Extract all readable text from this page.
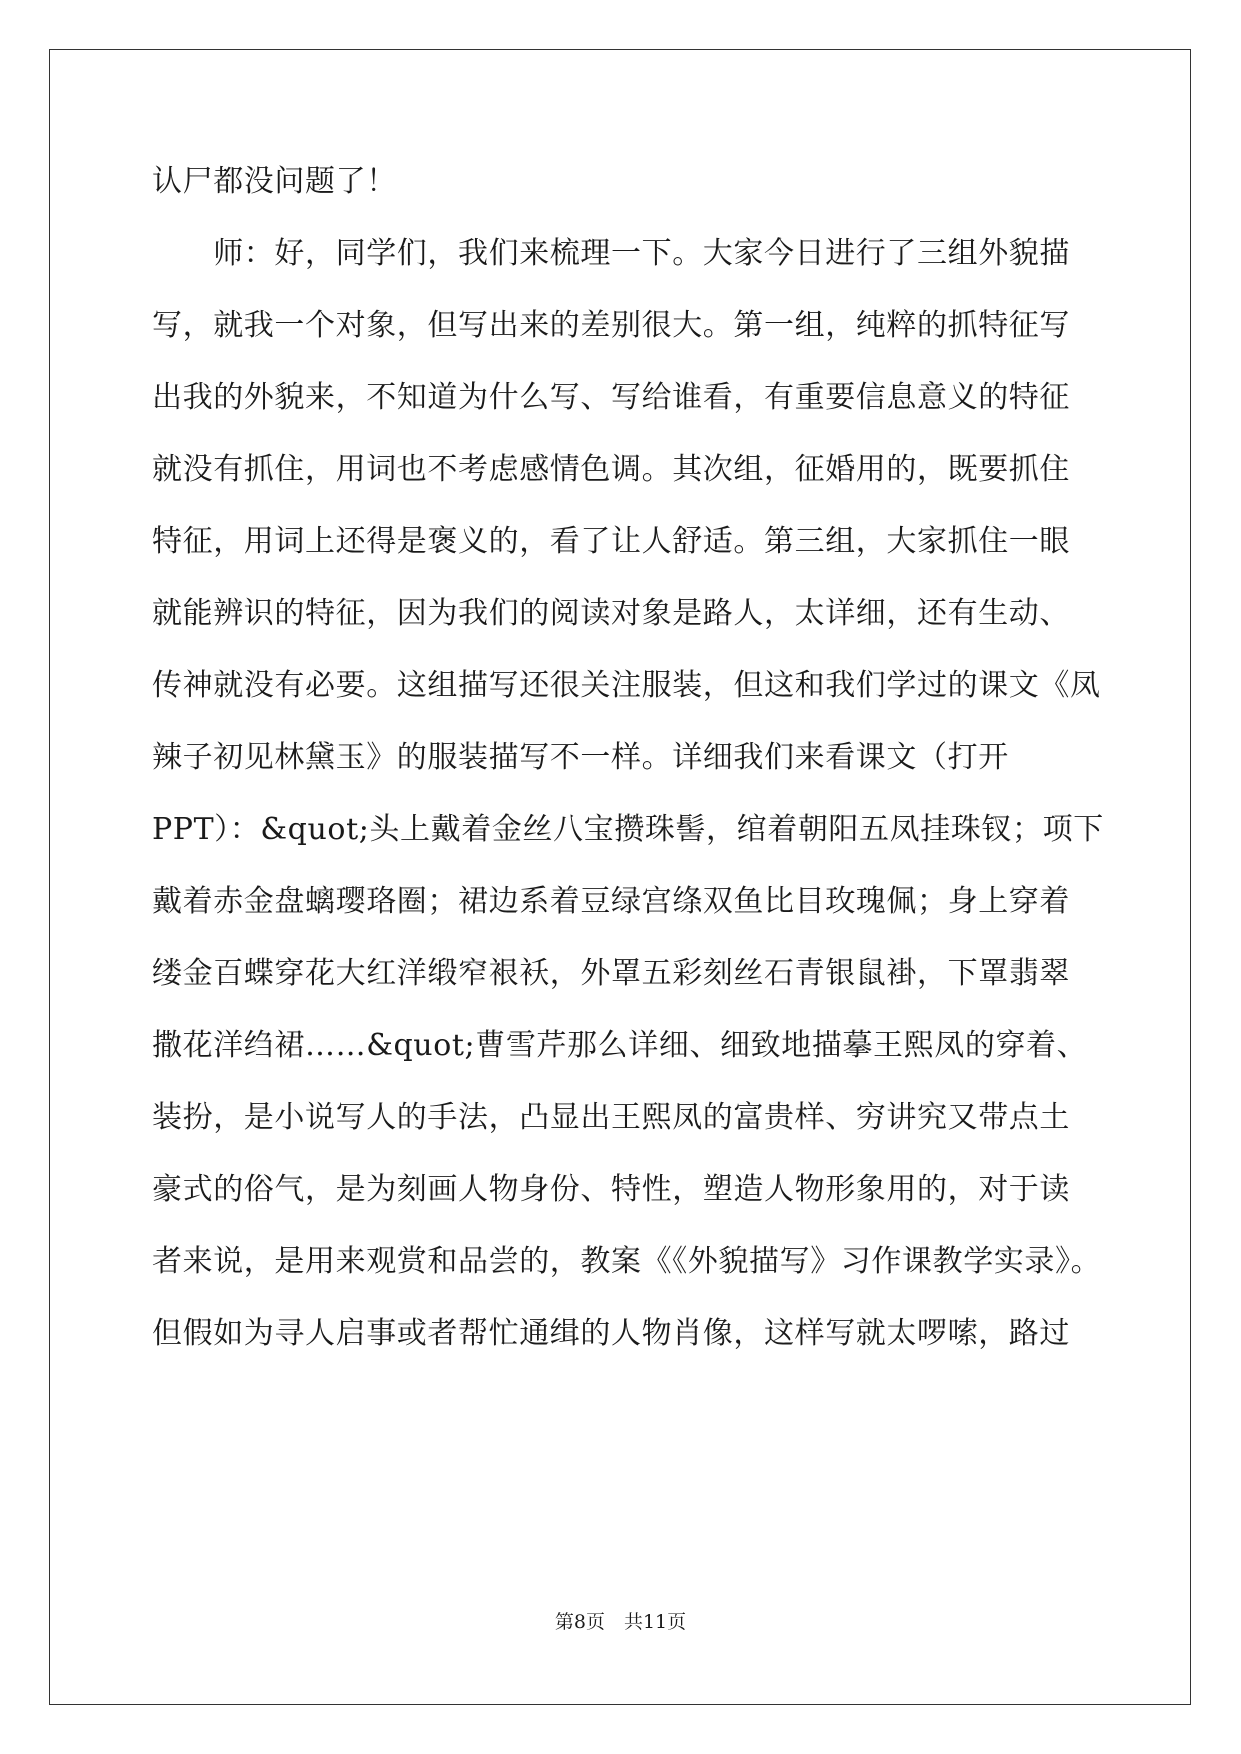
认尸都没问题了！
　　师：好，同学们，我们来梳理一下。大家今日进行了三组外貌描
写，就我一个对象，但写出来的差别很大。第一组，纯粹的抓特征写
出我的外貌来，不知道为什么写、写给谁看，有重要信息意义的特征
就没有抓住，用词也不考虑感情色调。其次组，征婚用的，既要抓住
特征，用词上还得是褒义的，看了让人舒适。第三组，大家抓住一眼
就能辨识的特征，因为我们的阅读对象是路人，太详细，还有生动、
传神就没有必要。这组描写还很关注服装，但这和我们学过的课文《凤
辣子初见林黛玉》的服装描写不一样。详细我们来看课文（打开
PPT）：&quot;头上戴着金丝八宝攒珠髻，绾着朝阳五凤挂珠钗；项下
戴着赤金盘螭璎珞圈；裙边系着豆绿宫绦双鱼比目玫瑰佩；身上穿着
缕金百蝶穿花大红洋缎窄裉袄，外罩五彩刻丝石青银鼠褂，下罩翡翠
撒花洋绉裙……&quot;曹雪芹那么详细、细致地描摹王熙凤的穿着、
装扮，是小说写人的手法，凸显出王熙凤的富贵样、穷讲究又带点土
豪式的俗气，是为刻画人物身份、特性，塑造人物形象用的，对于读
者来说，是用来观赏和品尝的，教案《《外貌描写》习作课教学实录》。
但假如为寻人启事或者帮忙通缉的人物肖像，这样写就太啰嗦，路过
第8页　共11页
